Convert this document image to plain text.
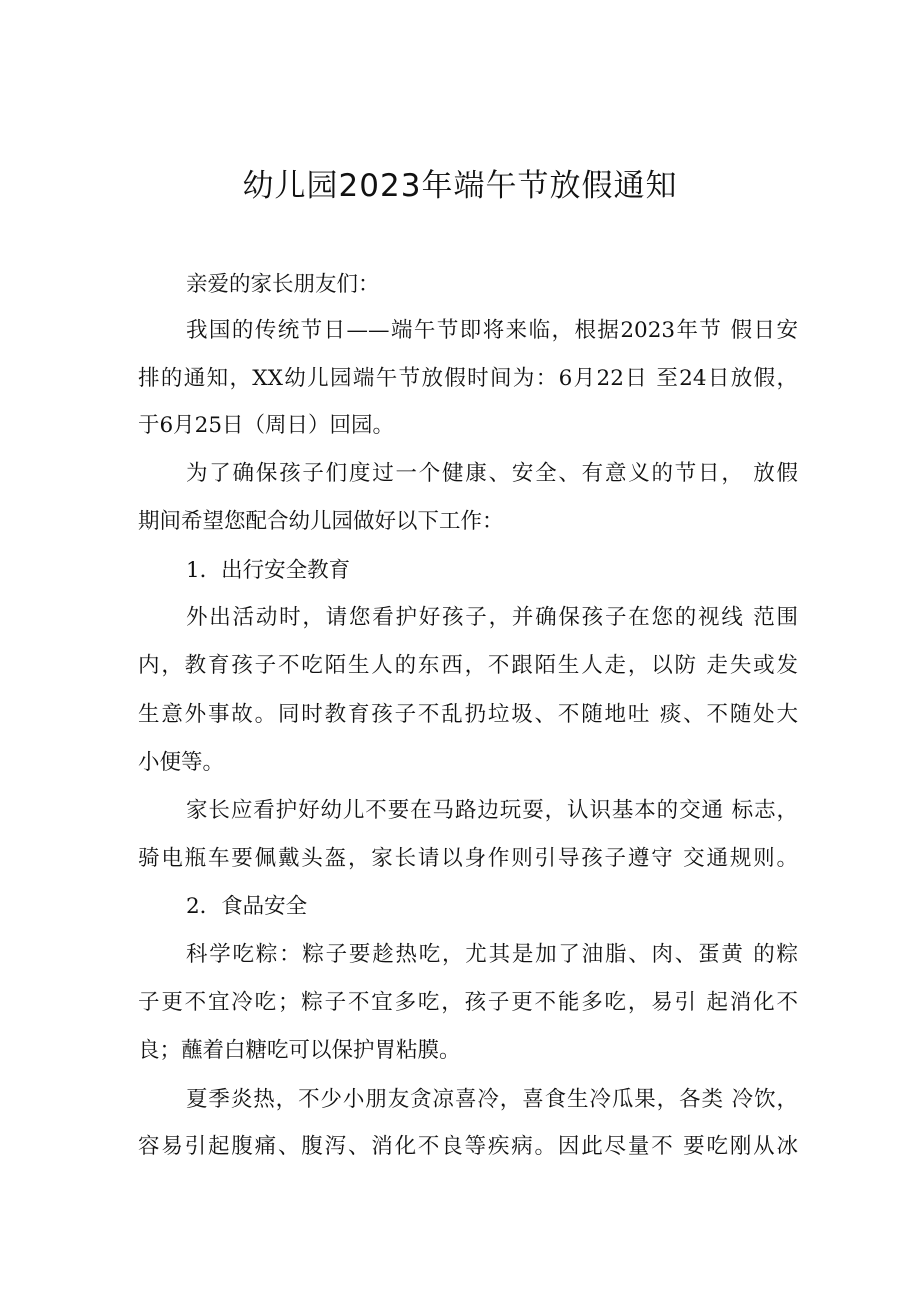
幼儿园2023年端午节放假通知
亲爱的家长朋友们：
我国的传统节日——端午节即将来临，根据2023年节 假日安
排的通知，XX幼儿园端午节放假时间为：6月22日 至24日放假，
于6月25日（周日）回园。
为了确保孩子们度过一个健康、安全、有意义的节日， 放假
期间希望您配合幼儿园做好以下工作：
1．出行安全教育
外出活动时，请您看护好孩子，并确保孩子在您的视线 范围
内，教育孩子不吃陌生人的东西，不跟陌生人走，以防 走失或发
生意外事故。同时教育孩子不乱扔垃圾、不随地吐 痰、不随处大
小便等。
家长应看护好幼儿不要在马路边玩耍，认识基本的交通 标志，
骑电瓶车要佩戴头盔，家长请以身作则引导孩子遵守 交通规则。
2．食品安全
科学吃粽：粽子要趁热吃，尤其是加了油脂、肉、蛋黄 的粽
子更不宜冷吃；粽子不宜多吃，孩子更不能多吃，易引 起消化不
良；蘸着白糖吃可以保护胃粘膜。
夏季炎热，不少小朋友贪凉喜冷，喜食生冷瓜果，各类 冷饮，
容易引起腹痛、腹泻、消化不良等疾病。因此尽量不 要吃刚从冰
